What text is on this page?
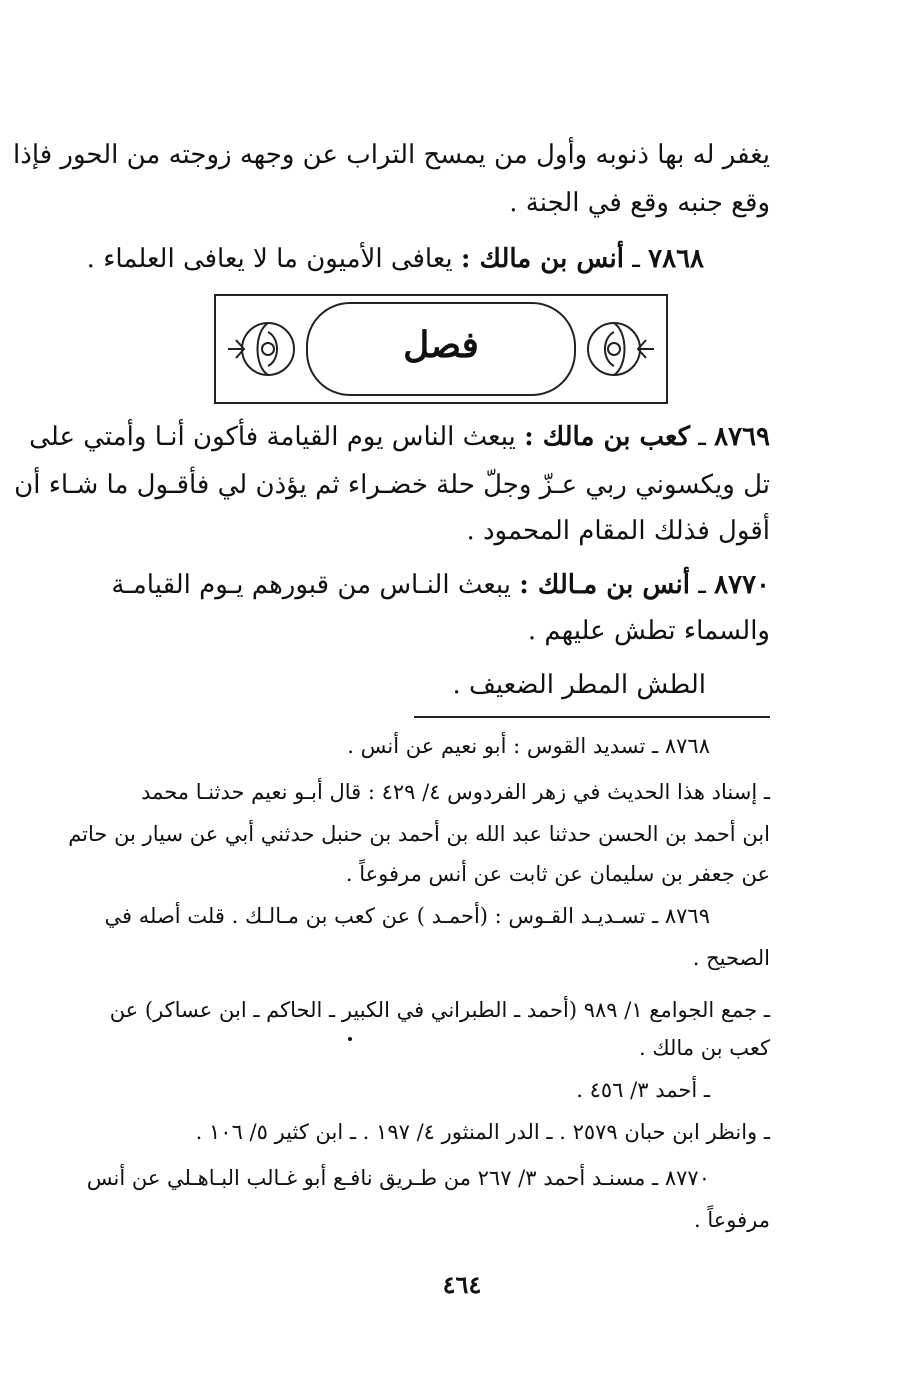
يغفر له بها ذنوبه وأول من يمسح التراب عن وجهه زوجته من الحور فإذا
وقع جنبه وقع في الجنة .
٧٨٦٨ ـ أنس بن مالك : يعافى الأميون ما لا يعافى العلماء .
فصل
٨٧٦٩ ـ كعب بن مالك : يبعث الناس يوم القيامة فأكون أنـا وأمتي على
تل ويكسوني ربي عـزّ وجلّ حلة خضـراء ثم يؤذن لي فأقـول ما شـاء أن
أقول فذلك المقام المحمود .
٨٧٧٠ ـ أنس بن مـالك : يبعث النـاس من قبورهم يـوم القيامـة
والسماء تطش عليهم .
الطش المطر الضعيف .
٨٧٦٨ ـ تسديد القوس : أبو نعيم عن أنس .
ـ إسناد هذا الحديث في زهر الفردوس ٤/ ٤٢٩ : قال أبـو نعيم حدثنـا محمد
ابن أحمد بن الحسن حدثنا عبد الله بن أحمد بن حنبل حدثني أبي عن سيار بن حاتم
عن جعفر بن سليمان عن ثابت عن أنس مرفوعاً .
٨٧٦٩ ـ تسـديـد القـوس : (أحمـد ) عن كعب بن مـالـك . قلت أصله في
الصحيح .
ـ جمع الجوامع ١/ ٩٨٩ (أحمد ـ الطبراني في الكبير ـ الحاكم ـ ابن عساكر) عن
كعب بن مالك .
ـ أحمد ٣/ ٤٥٦ .
ـ وانظر ابن حبان ٢٥٧٩ . ـ الدر المنثور ٤/ ١٩٧ . ـ ابن كثير ٥/ ١٠٦ .
٨٧٧٠ ـ مسنـد أحمد ٣/ ٢٦٧ من طـريق نافـع أبو غـالب البـاهـلي عن أنس
مرفوعاً .
٤٦٤
